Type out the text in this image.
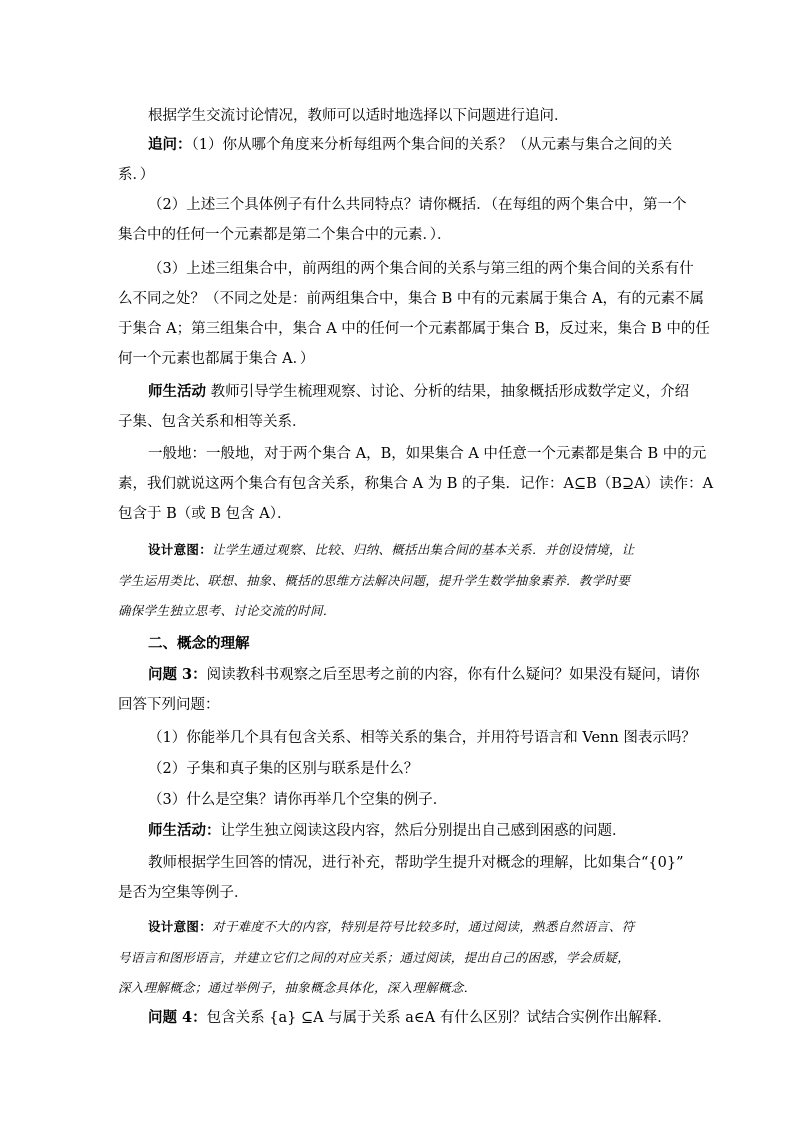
根据学生交流讨论情况，教师可以适时地选择以下问题进行追问．

追问：（1）你从哪个角度来分析每组两个集合间的关系？（从元素与集合之间的关
系．）

（2）上述三个具体例子有什么共同特点？请你概括．（在每组的两个集合中，第一个
集合中的任何一个元素都是第二个集合中的元素．）．

（3）上述三组集合中，前两组的两个集合间的关系与第三组的两个集合间的关系有什
么不同之处？（不同之处是：前两组集合中，集合 B 中有的元素属于集合 A，有的元素不属
于集合 A；第三组集合中，集合 A 中的任何一个元素都属于集合 B，反过来，集合 B 中的任
何一个元素也都属于集合 A．）

师生活动 教师引导学生梳理观察、讨论、分析的结果，抽象概括形成数学定义，介绍
子集、包含关系和相等关系．

一般地：一般地，对于两个集合 A，B，如果集合 A 中任意一个元素都是集合 B 中的元
素，我们就说这两个集合有包含关系，称集合 A 为 B 的子集．记作：A⊆B（B⊇A）读作：A
包含于 B（或 B 包含 A）．

设计意图：让学生通过观察、比较、归纳、概括出集合间的基本关系．并创设情境，让
学生运用类比、联想、抽象、概括的思维方法解决问题，提升学生数学抽象素养．教学时要
确保学生独立思考、讨论交流的时间．

二、概念的理解

问题 3：阅读教科书观察之后至思考之前的内容，你有什么疑问？如果没有疑问，请你
回答下列问题：

（1）你能举几个具有包含关系、相等关系的集合，并用符号语言和 Venn 图表示吗？

（2）子集和真子集的区别与联系是什么？

（3）什么是空集？请你再举几个空集的例子．

师生活动：让学生独立阅读这段内容，然后分别提出自己感到困惑的问题．

教师根据学生回答的情况，进行补充，帮助学生提升对概念的理解，比如集合“{0}”
是否为空集等例子．

设计意图：对于难度不大的内容，特别是符号比较多时，通过阅读，熟悉自然语言、符
号语言和图形语言，并建立它们之间的对应关系；通过阅读，提出自己的困惑，学会质疑，
深入理解概念；通过举例子，抽象概念具体化，深入理解概念．

问题 4：包含关系 {a} ⊆A 与属于关系 a∈A 有什么区别？试结合实例作出解释．
